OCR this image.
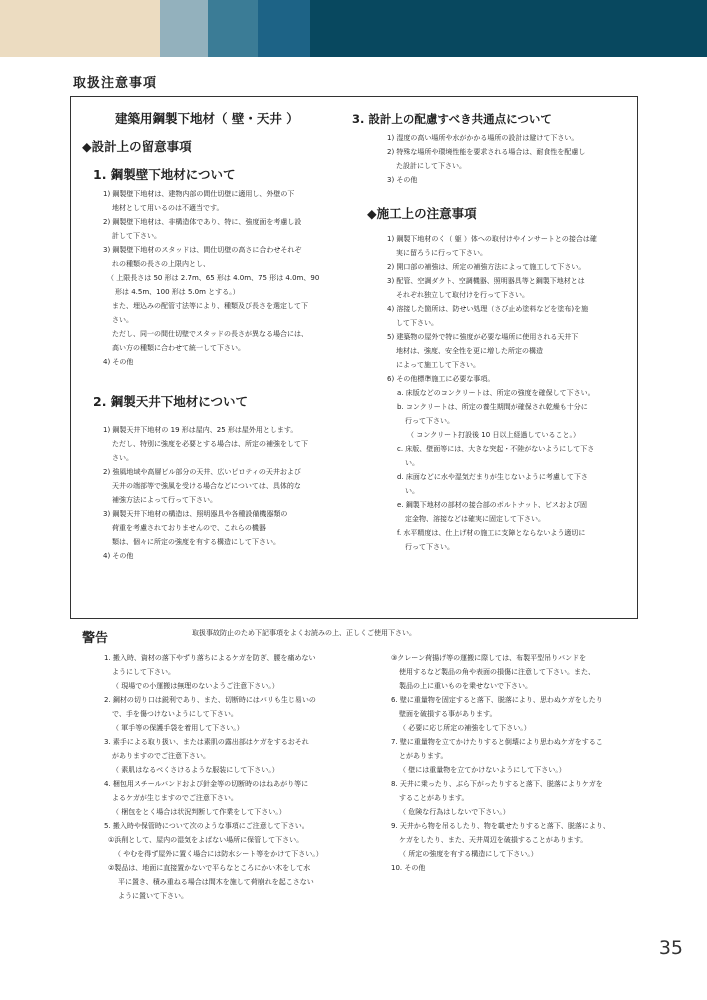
取扱注意事項
建築用鋼製下地材（ 壁・天井 ）
◆設計上の留意事項
1. 鋼製壁下地材について
1) 鋼製壁下地材は、建物内部の間仕切壁に適用し、外壁の下
地材として用いるのは不適当です。
2) 鋼製壁下地材は、非構造体であり、特に、強度面を考慮し設
計して下さい。
3) 鋼製壁下地材のスタッドは、間仕切壁の高さに合わせそれぞ
れの種類の長さの上限内とし、
（ 上限長さは 50 形は 2.7m、65 形は 4.0m、75 形は 4.0m、90
形は 4.5m、100 形は 5.0m とする。）
また、埋込みの配管寸法等により、種類及び長さを選定して下
さい。
ただし、同一の間仕切壁でスタッドの長さが異なる場合には、
高い方の種類に合わせて統一して下さい。
4) その他
2. 鋼製天井下地材について
1) 鋼製天井下地材の 19 形は屋内、25 形は屋外用とします。
ただし、特別に強度を必要とする場合は、所定の補強をして下
さい。
2) 強風地域や高層ビル部分の天井、広いピロティの天井および
天井の端部等で強風を受ける場合などについては、具体的な
補強方法によって行って下さい。
3) 鋼製天井下地材の構造は、照明器具や各種設備機器類の
荷重を考慮されておりませんので、これらの機器
類は、個々に所定の強度を有する構造にして下さい。
4) その他
3. 設計上の配慮すべき共通点について
1) 湿度の高い場所や水がかかる場所の設計は避けて下さい。
2) 特殊な場所や環境性能を要求される場合は、耐食性を配慮し
た設計にして下さい。
3) その他
◆施工上の注意事項
1) 鋼製下地材のく（ 躯 ）体への取付けやインサートとの接合は確
実に留ろうに行って下さい。
2) 開口部の補強は、所定の補強方法によって施工して下さい。
3) 配管、空調ダクト、空調機器、照明器具等と鋼製下地材とは
それぞれ独立して取付けを行って下さい。
4) 溶接した箇所は、防せい処理（さび止め塗料などを塗布)を施
して下さい。
5) 建築物の屋外で特に強度が必要な場所に使用される天井下
地材は、強度、安全性を更に増した所定の構造
によって施工して下さい。
6) その他標準施工に必要な事項。
a. 床版などのコンクリートは、所定の強度を確保して下さい。
b. コンクリートは、所定の養生期間が確保され乾燥も十分に
行って下さい。
（ コンクリート打設後 10 日以上経過していること。）
c. 床版、壁面等には、大きな突起・不陸がないようにして下さ
い。
d. 床面などに水や湿気だまりが生じないように考慮して下さ
い。
e. 鋼製下地材の部材の接合部のボルトナット、ビスおよび固
定金物、溶接などは確実に固定して下さい。
f. 水平精度は、仕上げ材の施工に支障とならないよう適切に
行って下さい。
警告	取扱事故防止のため下記事項をよくお読みの上、正しくご使用下さい。
1. 搬入時、資材の落下やずり落ちによるケガを防ぎ、腰を痛めない
ようにして下さい。
（ 現場での小運搬は無理のないようご注意下さい。）
2. 鋼材の切り口は鋭利であり、また、切断時にはバリも生じ易いの
で、手を傷つけないようにして下さい。
（ 軍手等の保護手袋を着用して下さい。）
3. 素手による取り扱い、または素肌の露出部はケガをするおそれ
がありますのでご注意下さい。
（ 素肌はなるべくさけるような服装にして下さい。）
4. 梱包用スチールバンドおよび針金等の切断時のはねあがり等に
よるケガが生じますのでご注意下さい。
（ 梱包をとく場合は状況判断して作業をして下さい。）
5. 搬入時や保管時について次のような事項にご注意して下さい。
①浜削として、屋内の湿気をよばない場所に保管して下さい。
（ やむを得ず屋外に置く場合には防水シート等をかけて下さい。）
②製品は、地面に直接置かないで平らなところにかい木をして水
平に置き、積み重ねる場合は間木を施して荷崩れを起こさない
ように置いて下さい。
③クレーン荷揚げ等の運搬に際しては、布製平型吊りバンドを
使用するなど製品の角や表面の損傷に注意して下さい。また、
製品の上に重いものを乗せないで下さい。
6. 壁に重量物を固定すると落下、脱落により、思わぬケガをしたり
壁面を破損する事があります。
（ 必要に応じ所定の補強をして下さい。）
7. 壁に重量物を立てかけたりすると倒壊により思わぬケガをするこ
とがあります。
（ 壁には重量物を立てかけないようにして下さい。）
8. 天井に乗ったり、ぶら下がったりすると落下、脱落によりケガを
することがあります。
（ 危険な行為はしないで下さい。）
9. 天井から物を吊るしたり、物を載せたりすると落下、脱落により、
ケガをしたり、また、天井周辺を破損することがあります。
（ 所定の強度を有する構造にして下さい。）
10. その他
35
